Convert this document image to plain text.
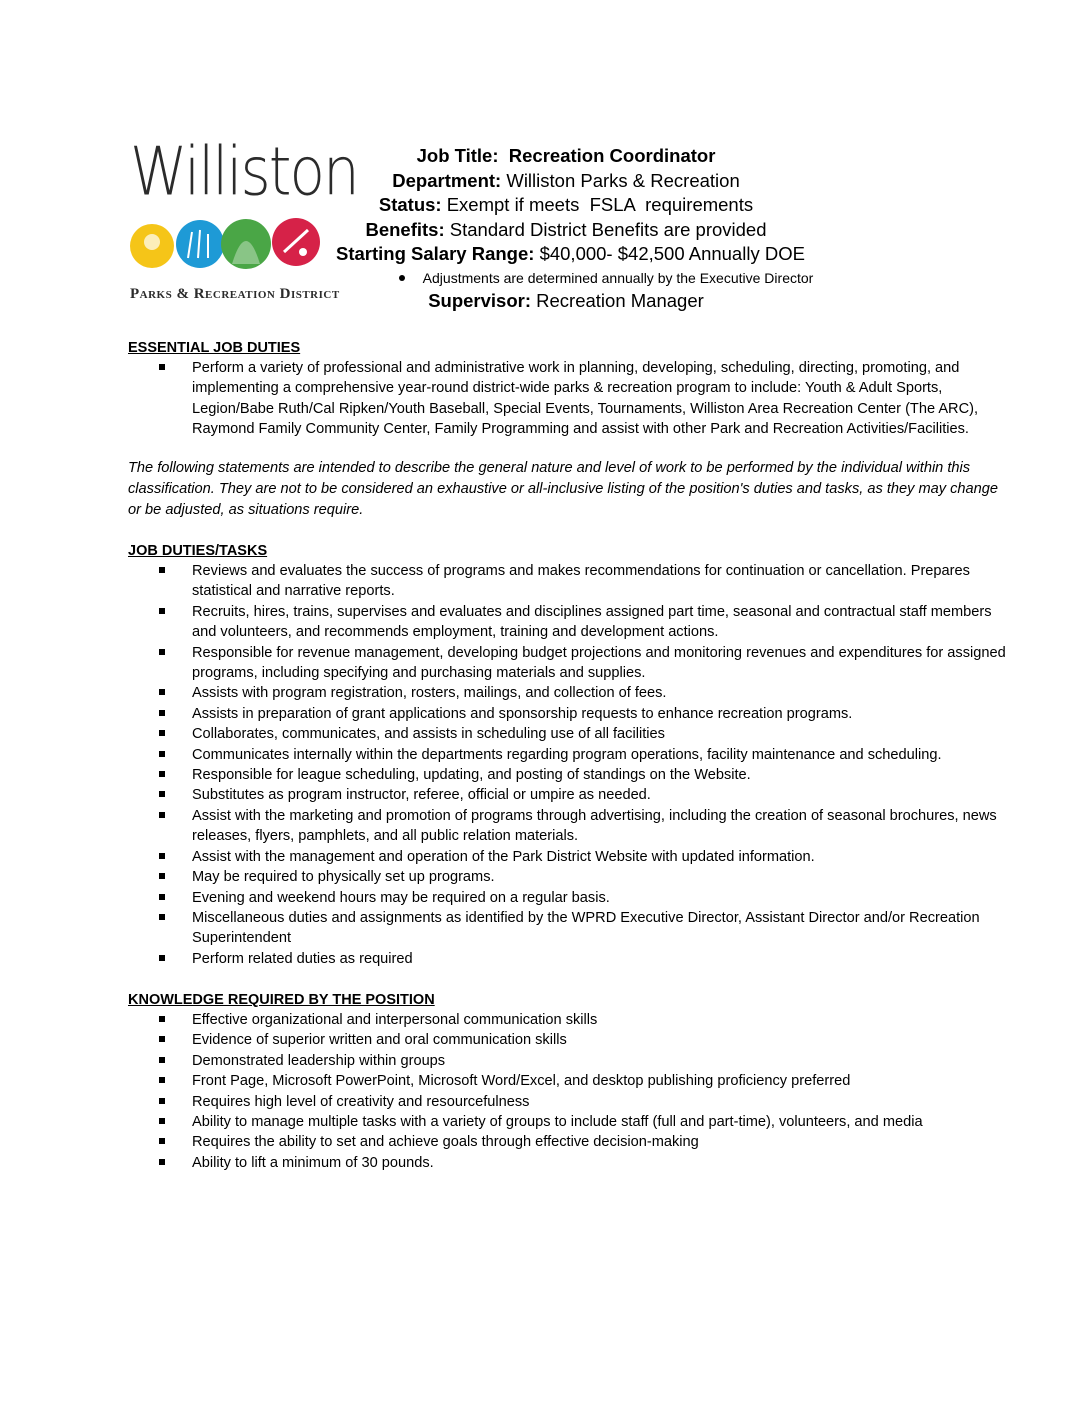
Williston
Parks & Recreation District
Job Title: Recreation Coordinator
Department: Williston Parks & Recreation
Status: Exempt if meets  FSLA  requirements
Benefits: Standard District Benefits are provided
Starting Salary Range: $40,000- $42,500 Annually DOE
Adjustments are determined annually by the Executive Director
Supervisor: Recreation Manager
ESSENTIAL JOB DUTIES
Perform a variety of professional and administrative work in planning, developing, scheduling, directing, promoting, and implementing a comprehensive year-round district-wide parks & recreation program to include: Youth & Adult Sports, Legion/Babe Ruth/Cal Ripken/Youth Baseball, Special Events, Tournaments, Williston Area Recreation Center (The ARC), Raymond Family Community Center, Family Programming and assist with other Park and Recreation Activities/Facilities.
The following statements are intended to describe the general nature and level of work to be performed by the individual within this classification. They are not to be considered an exhaustive or all-inclusive listing of the position's duties and tasks, as they may change or be adjusted, as situations require.
JOB DUTIES/TASKS
Reviews and evaluates the success of programs and makes recommendations for continuation or cancellation. Prepares statistical and narrative reports.
Recruits, hires, trains, supervises and evaluates and disciplines assigned part time, seasonal and contractual staff members and volunteers, and recommends employment, training and development actions.
Responsible for revenue management, developing budget projections and monitoring revenues and expenditures for assigned programs, including specifying and purchasing materials and supplies.
Assists with program registration, rosters, mailings, and collection of fees.
Assists in preparation of grant applications and sponsorship requests to enhance recreation programs.
Collaborates, communicates, and assists in scheduling use of all facilities
Communicates internally within the departments regarding program operations, facility maintenance and scheduling.
Responsible for league scheduling, updating, and posting of standings on the Website.
Substitutes as program instructor, referee, official or umpire as needed.
Assist with the marketing and promotion of programs through advertising, including the creation of seasonal brochures, news releases, flyers, pamphlets, and all public relation materials.
Assist with the management and operation of the Park District Website with updated information.
May be required to physically set up programs.
Evening and weekend hours may be required on a regular basis.
Miscellaneous duties and assignments as identified by the WPRD Executive Director, Assistant Director and/or Recreation Superintendent
Perform related duties as required
KNOWLEDGE REQUIRED BY THE POSITION
Effective organizational and interpersonal communication skills
Evidence of superior written and oral communication skills
Demonstrated leadership within groups
Front Page, Microsoft PowerPoint, Microsoft Word/Excel, and desktop publishing proficiency preferred
Requires high level of creativity and resourcefulness
Ability to manage multiple tasks with a variety of groups to include staff (full and part-time), volunteers, and media
Requires the ability to set and achieve goals through effective decision-making
Ability to lift a minimum of 30 pounds.
